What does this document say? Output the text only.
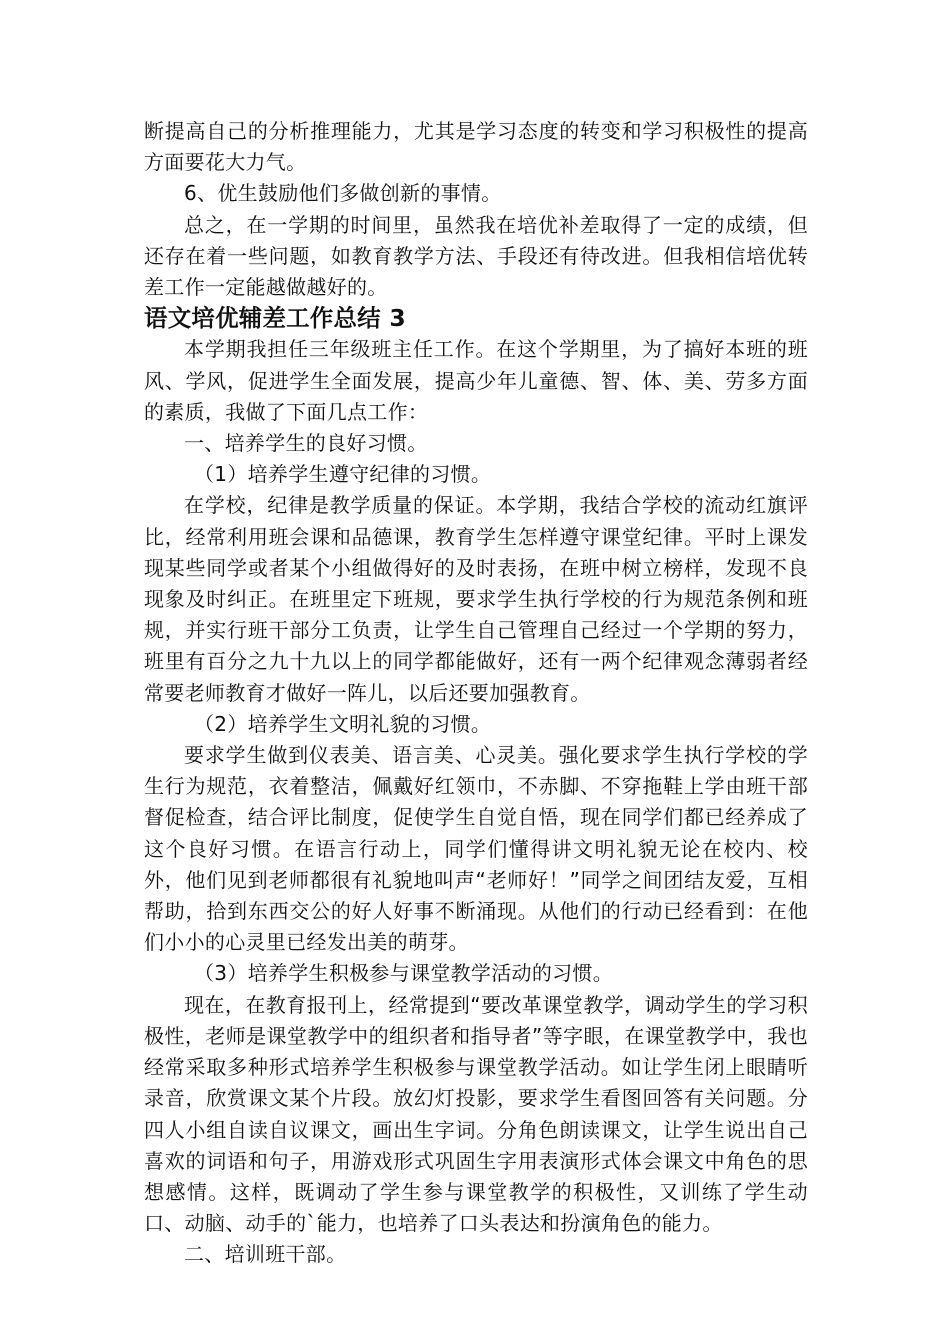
断提高自己的分析推理能力，尤其是学习态度的转变和学习积极性的提高方面要花大力气。

6、优生鼓励他们多做创新的事情。

总之，在一学期的时间里，虽然我在培优补差取得了一定的成绩，但还存在着一些问题，如教育教学方法、手段还有待改进。但我相信培优转差工作一定能越做越好的。

语文培优辅差工作总结 3

本学期我担任三年级班主任工作。在这个学期里，为了搞好本班的班风、学风，促进学生全面发展，提高少年儿童德、智、体、美、劳多方面的素质，我做了下面几点工作：

一、培养学生的良好习惯。

（1）培养学生遵守纪律的习惯。

在学校，纪律是教学质量的保证。本学期，我结合学校的流动红旗评比，经常利用班会课和品德课，教育学生怎样遵守课堂纪律。平时上课发现某些同学或者某个小组做得好的及时表扬，在班中树立榜样，发现不良现象及时纠正。在班里定下班规，要求学生执行学校的行为规范条例和班规，并实行班干部分工负责，让学生自己管理自己经过一个学期的努力，班里有百分之九十九以上的同学都能做好，还有一两个纪律观念薄弱者经常要老师教育才做好一阵儿，以后还要加强教育。

（2）培养学生文明礼貌的习惯。

要求学生做到仪表美、语言美、心灵美。强化要求学生执行学校的学生行为规范，衣着整洁，佩戴好红领巾，不赤脚、不穿拖鞋上学由班干部督促检查，结合评比制度，促使学生自觉自悟，现在同学们都已经养成了这个良好习惯。在语言行动上，同学们懂得讲文明礼貌无论在校内、校外，他们见到老师都很有礼貌地叫声“老师好！”同学之间团结友爱，互相帮助，拾到东西交公的好人好事不断涌现。从他们的行动已经看到：在他们小小的心灵里已经发出美的萌芽。

（3）培养学生积极参与课堂教学活动的习惯。

现在，在教育报刊上，经常提到“要改革课堂教学，调动学生的学习积极性，老师是课堂教学中的组织者和指导者”等字眼，在课堂教学中，我也经常采取多种形式培养学生积极参与课堂教学活动。如让学生闭上眼睛听录音，欣赏课文某个片段。放幻灯投影，要求学生看图回答有关问题。分四人小组自读自议课文，画出生字词。分角色朗读课文，让学生说出自己喜欢的词语和句子，用游戏形式巩固生字用表演形式体会课文中角色的思想感情。这样，既调动了学生参与课堂教学的积极性，又训练了学生动口、动脑、动手的`能力，也培养了口头表达和扮演角色的能力。

二、培训班干部。
